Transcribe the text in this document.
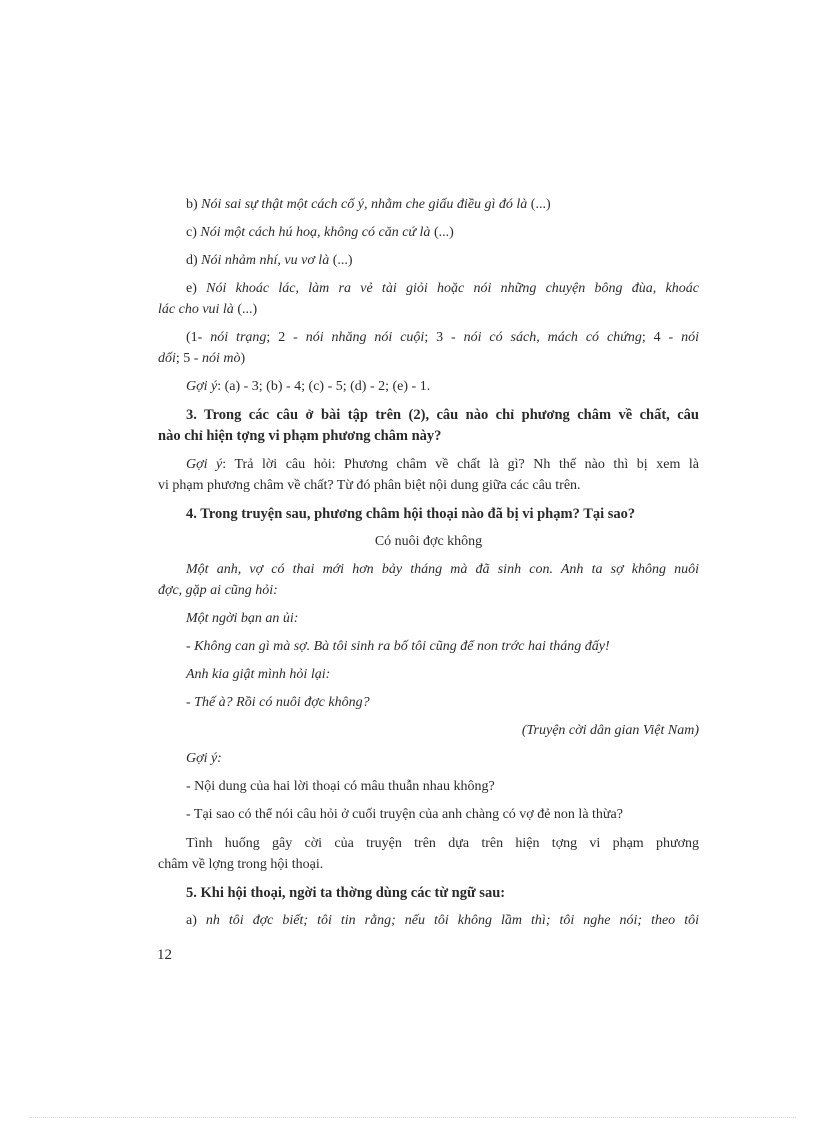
b) Nói sai sự thật một cách cố ý, nhằm che giấu điều gì đó là (...)
c) Nói một cách hú hoạ, không có căn cứ là (...)
d) Nói nhảm nhí, vu vơ là (...)
e) Nói khoác lác, làm ra vẻ tài giỏi hoặc nói những chuyện bông đùa, khoác
lác cho vui là (...)
(1- nói trạng; 2 - nói nhăng nói cuội; 3 - nói có sách, mách có chứng; 4 - nói
dối; 5 - nói mò)
Gợi ý: (a) - 3; (b) - 4; (c) - 5; (d) - 2; (e) - 1.
3. Trong các câu ở bài tập trên (2), câu nào chỉ phương châm về chất, câu
nào chỉ hiện tợng vi phạm phương châm này?
Gợi ý: Trả lời câu hỏi: Phương châm về chất là gì? Nh thế nào thì bị xem là
vi phạm phương châm về chất? Từ đó phân biệt nội dung giữa các câu trên.
4. Trong truyện sau, phương châm hội thoại nào đã bị vi phạm? Tại sao?
Có nuôi đợc không
Một anh, vợ có thai mới hơn bảy tháng mà đã sinh con. Anh ta sợ không nuôi
đợc, gặp ai cũng hỏi:
Một ngời bạn an ủi:
- Không can gì mà sợ. Bà tôi sinh ra bố tôi cũng để non trớc hai tháng đấy!
Anh kia giật mình hỏi lại:
- Thế à? Rồi có nuôi đợc không?
(Truyện cời dân gian Việt Nam)
Gợi ý:
- Nội dung của hai lời thoại có mâu thuẫn nhau không?
- Tại sao có thể nói câu hỏi ở cuối truyện của anh chàng có vợ đẻ non là thừa?
Tình huống gây cời của truyện trên dựa trên hiện tợng vi phạm phương
châm về lợng trong hội thoại.
5. Khi hội thoại, ngời ta thờng dùng các từ ngữ sau:
a) nh tôi đợc biết; tôi tin rằng; nếu tôi không lầm thì; tôi nghe nói; theo tôi
12
